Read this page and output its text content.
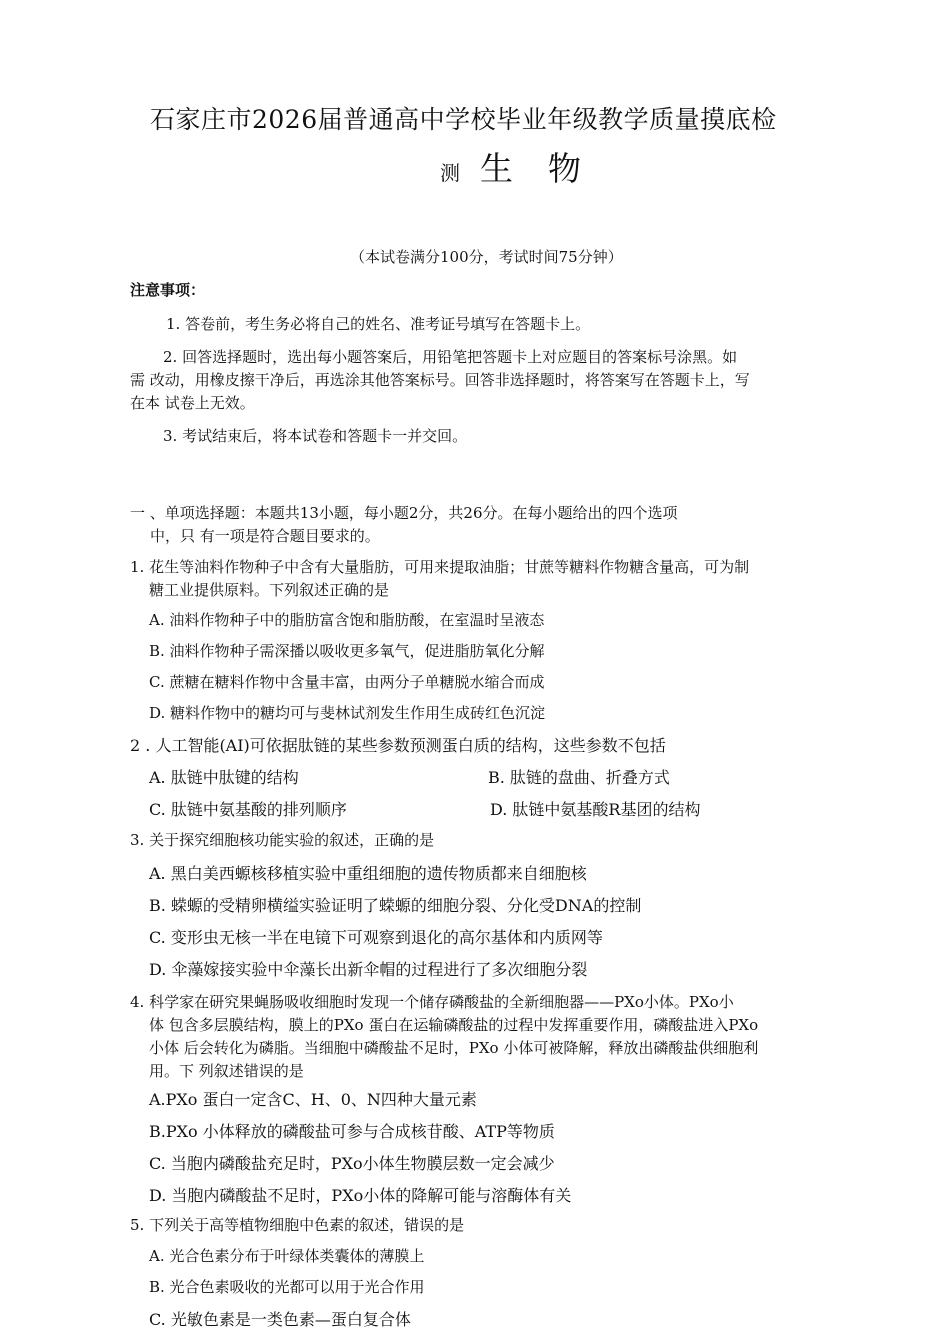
石家庄市2026届普通高中学校毕业年级教学质量摸底检
测 生 物
（本试卷满分100分，考试时间75分钟）
注意事项：
1. 答卷前，考生务必将自己的姓名、准考证号填写在答题卡上。
2. 回答选择题时，选出每小题答案后，用铅笔把答题卡上对应题目的答案标号涂黑。如
需 改动，用橡皮擦干净后，再选涂其他答案标号。回答非选择题时，将答案写在答题卡上，写
在本 试卷上无效。
3. 考试结束后，将本试卷和答题卡一并交回。
一 、单项选择题：本题共13小题，每小题2分，共26分。在每小题给出的四个选项
中，只 有一项是符合题目要求的。
1. 花生等油料作物种子中含有大量脂肪，可用来提取油脂；甘蔗等糖料作物糖含量高，可为制
糖工业提供原料。下列叙述正确的是
A. 油料作物种子中的脂肪富含饱和脂肪酸，在室温时呈液态
B. 油料作物种子需深播以吸收更多氧气，促进脂肪氧化分解
C. 蔗糖在糖料作物中含量丰富，由两分子单糖脱水缩合而成
D. 糖料作物中的糖均可与斐林试剂发生作用生成砖红色沉淀
2 . 人工智能(AI)可依据肽链的某些参数预测蛋白质的结构，这些参数不包括
A. 肽链中肽键的结构	B. 肽链的盘曲、折叠方式
C. 肽链中氨基酸的排列顺序	D. 肽链中氨基酸R基团的结构
3. 关于探究细胞核功能实验的叙述，正确的是
A. 黑白美西螈核移植实验中重组细胞的遗传物质都来自细胞核
B. 蝾螈的受精卵横缢实验证明了蝾螈的细胞分裂、分化受DNA的控制
C. 变形虫无核一半在电镜下可观察到退化的高尔基体和内质网等
D. 伞藻嫁接实验中伞藻长出新伞帽的过程进行了多次细胞分裂
4. 科学家在研究果蝇肠吸收细胞时发现一个储存磷酸盐的全新细胞器——PXo小体。PXo小
体 包含多层膜结构，膜上的PXo 蛋白在运输磷酸盐的过程中发挥重要作用，磷酸盐进入PXo
小体 后会转化为磷脂。当细胞中磷酸盐不足时，PXo 小体可被降解，释放出磷酸盐供细胞利
用。下 列叙述错误的是
A.PXo 蛋白一定含C、H、0、N四种大量元素
B.PXo 小体释放的磷酸盐可参与合成核苷酸、ATP等物质
C. 当胞内磷酸盐充足时，PXo小体生物膜层数一定会减少
D. 当胞内磷酸盐不足时，PXo小体的降解可能与溶酶体有关
5. 下列关于高等植物细胞中色素的叙述，错误的是
A. 光合色素分布于叶绿体类囊体的薄膜上
B. 光合色素吸收的光都可以用于光合作用
C. 光敏色素是一类色素—蛋白复合体
